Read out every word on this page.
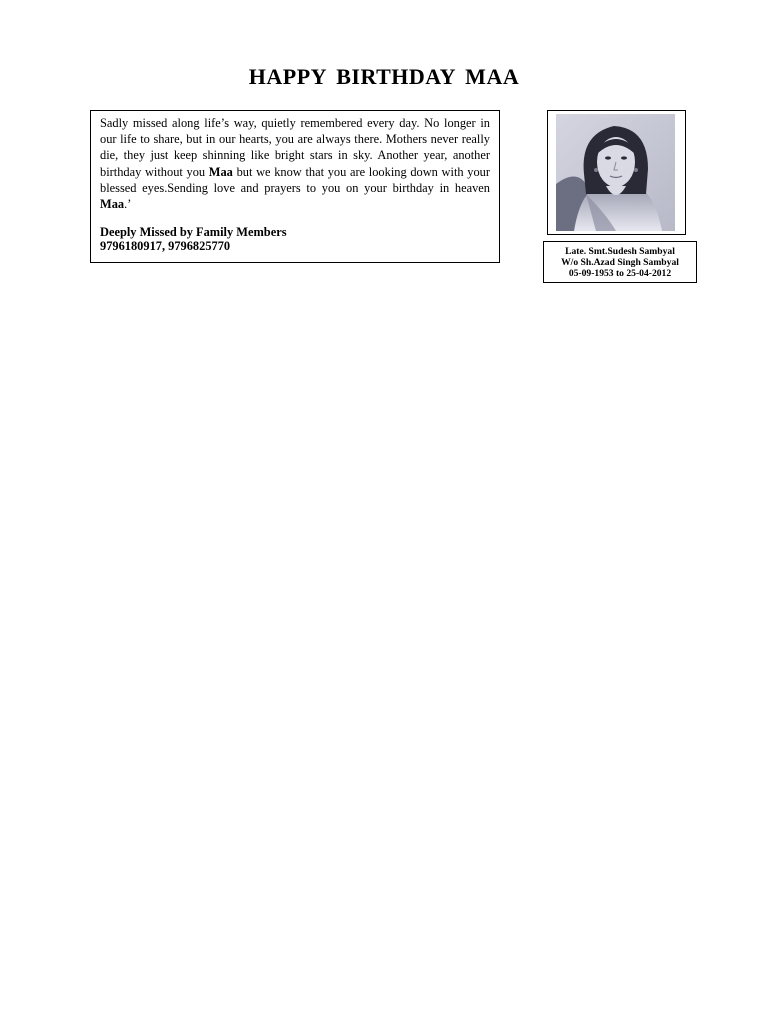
HAPPY BIRTHDAY MAA

Sadly missed along life’s way, quietly remembered every day. No longer in our life to share, but in our hearts, you are always there. Mothers never really die, they just keep shinning like bright stars in sky. Another year, another birthday without you Maa but we know that you are looking down with your blessed eyes.Sending love and prayers to you on your birthday in heaven Maa.’

Deeply Missed by Family Members
9796180917, 9796825770	Late. Smt.Sudesh Sambyal
W/o Sh.Azad Singh Sambyal
05-09-1953 to 25-04-2012
